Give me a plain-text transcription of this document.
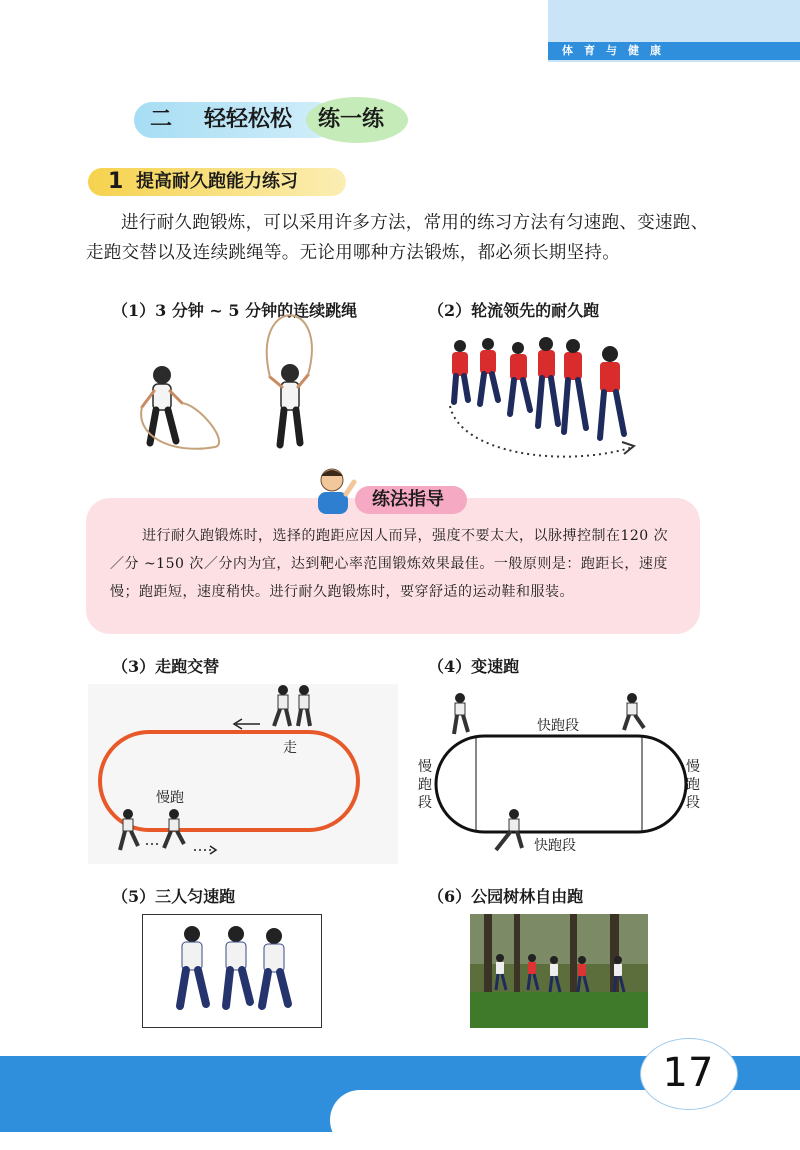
体育与健康
二 轻轻松松 练一练
1 提高耐久跑能力练习
进行耐久跑锻炼，可以采用许多方法，常用的练习方法有匀速跑、变速跑、走跑交替以及连续跳绳等。无论用哪种方法锻炼，都必须长期坚持。
（1）3 分钟 ~ 5 分钟的连续跳绳	（2）轮流领先的耐久跑
练法指导
进行耐久跑锻炼时，选择的跑距应因人而异，强度不要太大，以脉搏控制在120 次／分 ~150 次／分内为宜，达到靶心率范围锻炼效果最佳。一般原则是：跑距长，速度慢；跑距短，速度稍快。进行耐久跑锻炼时，要穿舒适的运动鞋和服装。
（3）走跑交替	（4）变速跑
走
慢跑
快跑段
快跑段
慢跑段
慢跑段
（5）三人匀速跑	（6）公园树林自由跑
17
